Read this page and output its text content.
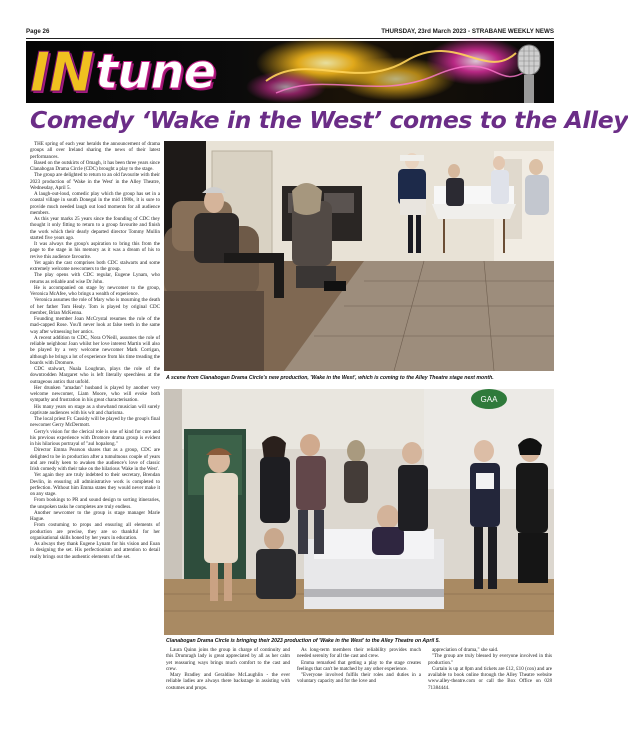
Page 26	THURSDAY, 23rd March 2023 - STRABANE WEEKLY NEWS
IN tune
Comedy ‘Wake in the West’ comes to the Alley

THE spring of each year heralds the announcement of drama groups all over Ireland sharing the news of their latest performances.

Based on the outskirts of Omagh, it has been three years since Clanabogan Drama Circle (CDC) brought a play to the stage.

The group are delighted to return to an old favourite with their 2023 production of 'Wake in the West' in the Alley Theatre, Wednesday, April 5.

A laugh-out-loud, comedic play which the group has set in a coastal village in south Donegal in the mid 1980s, it is sure to provide much needed laugh out loud moments for all audience members.

As this year marks 25 years since the founding of CDC they thought it only fitting to return to a group favourite and finish the work which their dearly departed director Tommy Mullin started five years ago.

It was always the group's aspiration to bring this from the page to the stage in his memory as it was a dream of his to revive this audience favourite.

Yet again the cast comprises both CDC stalwarts and some extremely welcome newcomers to the group.

The play opens with CDC regular, Eugene Lynam, who returns as reliable and wise Dr John.

He is accompanied on stage by newcomer to the group, Veronica McAfee, who brings a wealth of experience.

Veronica assumes the role of Mary who is mourning the death of her father Tom Healy. Tom is played by original CDC member, Brian McKenna.

Founding member Joan McCrystal resumes the role of the mad-capped Rose. You'll never look at false teeth in the same way after witnessing her antics.

A recent addition to CDC, Nora O'Neill, assumes the role of reliable neighbour Joan whilst her love interest Martin will also be played by a very welcome newcomer Mark Corrigan, although he brings a lot of experience from his time treading the boards with Dromore.

CDC stalwart, Nuala Loughran, plays the role of the downtrodden Margaret who is left literally speechless at the outrageous antics that unfold.

Her drunken "amadan" husband is played by another very welcome newcomer, Liam Moore, who will evoke both sympathy and frustration in his great characterisation.

His many years on stage as a showband musician will surely captivate audiences with his wit and charisma.

The local priest Fr. Cassidy will be played by the group's final newcomer Gerry McDermott.

Gerry's vision for the clerical role is one of kind for cure and his previous experience with Dromore drama group is evident in his hilarious portrayal of "aul hopalong."

Director Emma Pearson shares that as a group, CDC are delighted to be in production after a tumultuous couple of years and are really keen to awaken the audience's love of classic Irish comedy with their take on the hilarious 'Wake in the West'.

Yet again they are truly indebted to their secretary, Brendan Devlin, in ensuring all administrative work is completed to perfection. Without him Emma states they would never make it on any stage.

From bookings to PR and sound design to sorting itineraries, the unspoken tasks he completes are truly endless.

Another newcomer to the group is stage manager Marie Hague.

From costuming to props and ensuring all elements of production are precise, they are so thankful for her organisational skills honed by her years in education.

As always they thank Eugene Lynam for his vision and Eoan in designing the set. His perfectionism and attention to detail really brings out the authentic elements of the set.

A scene from Clanabogan Drama Circle's new production, 'Wake in the West', which is coming to the Alley Theatre stage next month.
GAA
Clanabogan Drama Circle is bringing their 2023 production of 'Wake in the West' to the Alley Theatre on April 5.

Laura Quinn joins the group in charge of continuity and this Drumragh lady is great appreciated by all as her calm yet reassuring ways brings much comfort to the cast and crew.

Mary Bradley and Geraldine McLaughlin - the ever reliable ladies are always there backstage in assisting with costumes and props.

As long-term members their reliability provides much needed serenity for all the cast and crew.

Emma remarked that getting a play to the stage creates feelings that can't be matched by any other experience.

"Everyone involved fulfils their roles and duties in a voluntary capacity and for the love and

appreciation of drama," she said.

"The group are truly blessed by everyone involved in this production."

Curtain is up at 8pm and tickets are £12, £10 (con) and are available to book online through the Alley Theatre website www.alley-theatre.com or call the Box Office on 028 71384444.
